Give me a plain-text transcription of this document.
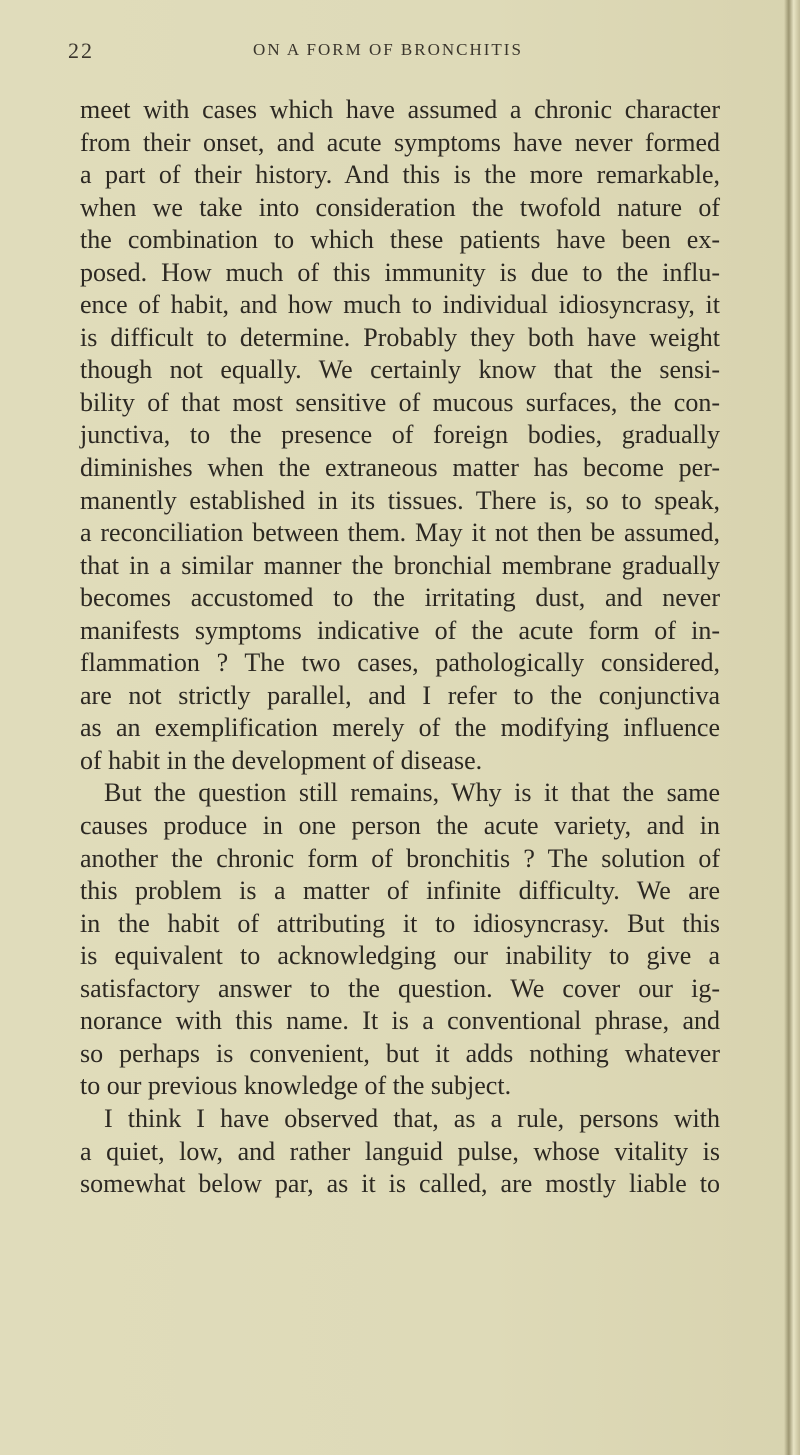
22	ON A FORM OF BRONCHITIS
meet with cases which have assumed a chronic character
from their onset, and acute symptoms have never formed
a part of their history. And this is the more remarkable,
when we take into consideration the twofold nature of
the combination to which these patients have been ex-
posed. How much of this immunity is due to the influ-
ence of habit, and how much to individual idiosyncrasy, it
is difficult to determine. Probably they both have weight
though not equally. We certainly know that the sensi-
bility of that most sensitive of mucous surfaces, the con-
junctiva, to the presence of foreign bodies, gradually
diminishes when the extraneous matter has become per-
manently established in its tissues. There is, so to speak,
a reconciliation between them. May it not then be assumed,
that in a similar manner the bronchial membrane gradually
becomes accustomed to the irritating dust, and never
manifests symptoms indicative of the acute form of in-
flammation ? The two cases, pathologically considered,
are not strictly parallel, and I refer to the conjunctiva
as an exemplification merely of the modifying influence
of habit in the development of disease.
But the question still remains, Why is it that the same
causes produce in one person the acute variety, and in
another the chronic form of bronchitis ? The solution of
this problem is a matter of infinite difficulty. We are
in the habit of attributing it to idiosyncrasy. But this
is equivalent to acknowledging our inability to give a
satisfactory answer to the question. We cover our ig-
norance with this name. It is a conventional phrase, and
so perhaps is convenient, but it adds nothing whatever
to our previous knowledge of the subject.
I think I have observed that, as a rule, persons with
a quiet, low, and rather languid pulse, whose vitality is
somewhat below par, as it is called, are mostly liable to
